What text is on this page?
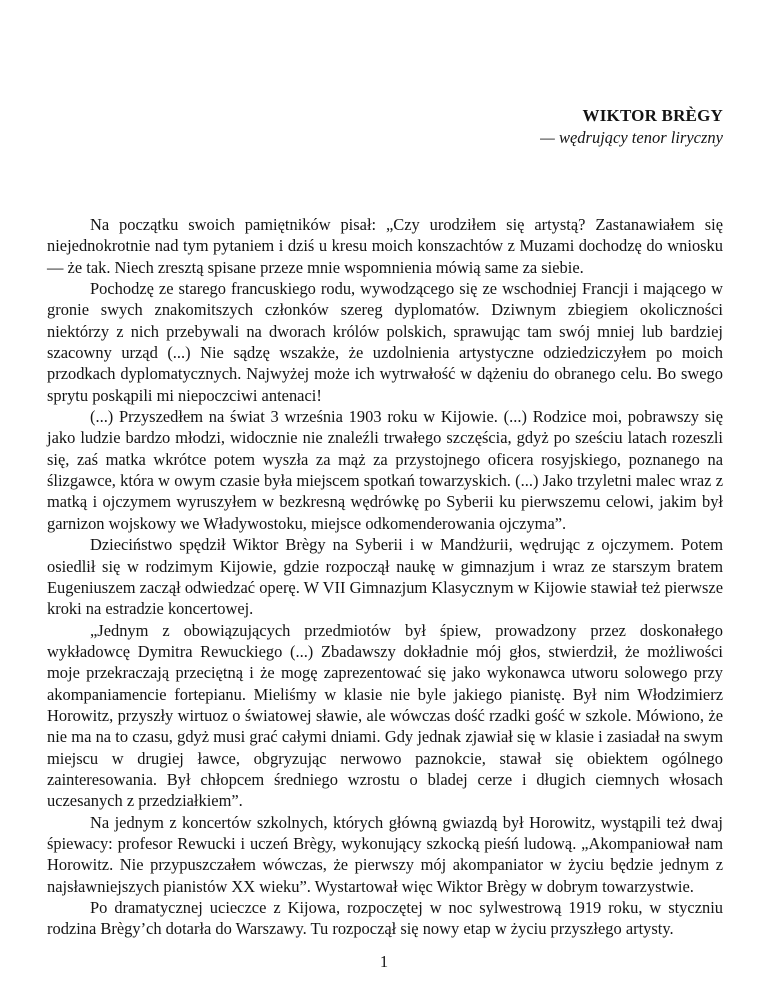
WIKTOR BRÈGY
— wędrujący tenor liryczny

Na początku swoich pamiętników pisał: „Czy urodziłem się artystą? Zastanawiałem się niejednokrotnie nad tym pytaniem i dziś u kresu moich konszachtów z Muzami dochodzę do wniosku — że tak. Niech zresztą spisane przeze mnie wspomnienia mówią same za siebie.

Pochodzę ze starego francuskiego rodu, wywodzącego się ze wschodniej Francji i mającego w gronie swych znakomitszych członków szereg dyplomatów. Dziwnym zbiegiem okoliczności niektórzy z nich przebywali na dworach królów polskich, sprawując tam swój mniej lub bardziej szacowny urząd (...) Nie sądzę wszakże, że uzdolnienia artystyczne odziedziczyłem po moich przodkach dyplomatycznych. Najwyżej może ich wytrwałość w dążeniu do obranego celu. Bo swego sprytu poskąpili mi niepoczciwi antenaci!

(...) Przyszedłem na świat 3 września 1903 roku w Kijowie. (...) Rodzice moi, pobrawszy się jako ludzie bardzo młodzi, widocznie nie znaleźli trwałego szczęścia, gdyż po sześciu latach rozeszli się, zaś matka wkrótce potem wyszła za mąż za przystojnego oficera rosyjskiego, poznanego na ślizgawce, która w owym czasie była miejscem spotkań towarzyskich. (...) Jako trzyletni malec wraz z matką i ojczymem wyruszyłem w bezkresną wędrówkę po Syberii ku pierwszemu celowi, jakim był garnizon wojskowy we Władywostoku, miejsce odkomenderowania ojczyma”.

Dzieciństwo spędził Wiktor Brègy na Syberii i w Mandżurii, wędrując z ojczymem. Potem osiedlił się w rodzimym Kijowie, gdzie rozpoczął naukę w gimnazjum i wraz ze starszym bratem Eugeniuszem zaczął odwiedzać operę. W VII Gimnazjum Klasycznym w Kijowie stawiał też pierwsze kroki na estradzie koncertowej.

„Jednym z obowiązujących przedmiotów był śpiew, prowadzony przez doskonałego wykładowcę Dymitra Rewuckiego (...) Zbadawszy dokładnie mój głos, stwierdził, że możliwości moje przekraczają przeciętną i że mogę zaprezentować się jako wykonawca utworu solowego przy akompaniamencie fortepianu. Mieliśmy w klasie nie byle jakiego pianistę. Był nim Włodzimierz Horowitz, przyszły wirtuoz o światowej sławie, ale wówczas dość rzadki gość w szkole. Mówiono, że nie ma na to czasu, gdyż musi grać całymi dniami. Gdy jednak zjawiał się w klasie i zasiadał na swym miejscu w drugiej ławce, obgryzując nerwowo paznokcie, stawał się obiektem ogólnego zainteresowania. Był chłopcem średniego wzrostu o bladej cerze i długich ciemnych włosach uczesanych z przedziałkiem”.

Na jednym z koncertów szkolnych, których główną gwiazdą był Horowitz, wystąpili też dwaj śpiewacy: profesor Rewucki i uczeń Brègy, wykonujący szkocką pieśń ludową. „Akompaniował nam Horowitz. Nie przypuszczałem wówczas, że pierwszy mój akompaniator w życiu będzie jednym z najsławniejszych pianistów XX wieku”. Wystartował więc Wiktor Brègy w dobrym towarzystwie.

Po dramatycznej ucieczce z Kijowa, rozpoczętej w noc sylwestrową 1919 roku, w styczniu rodzina Brègy’ch dotarła do Warszawy. Tu rozpoczął się nowy etap w życiu przyszłego artysty.

1
